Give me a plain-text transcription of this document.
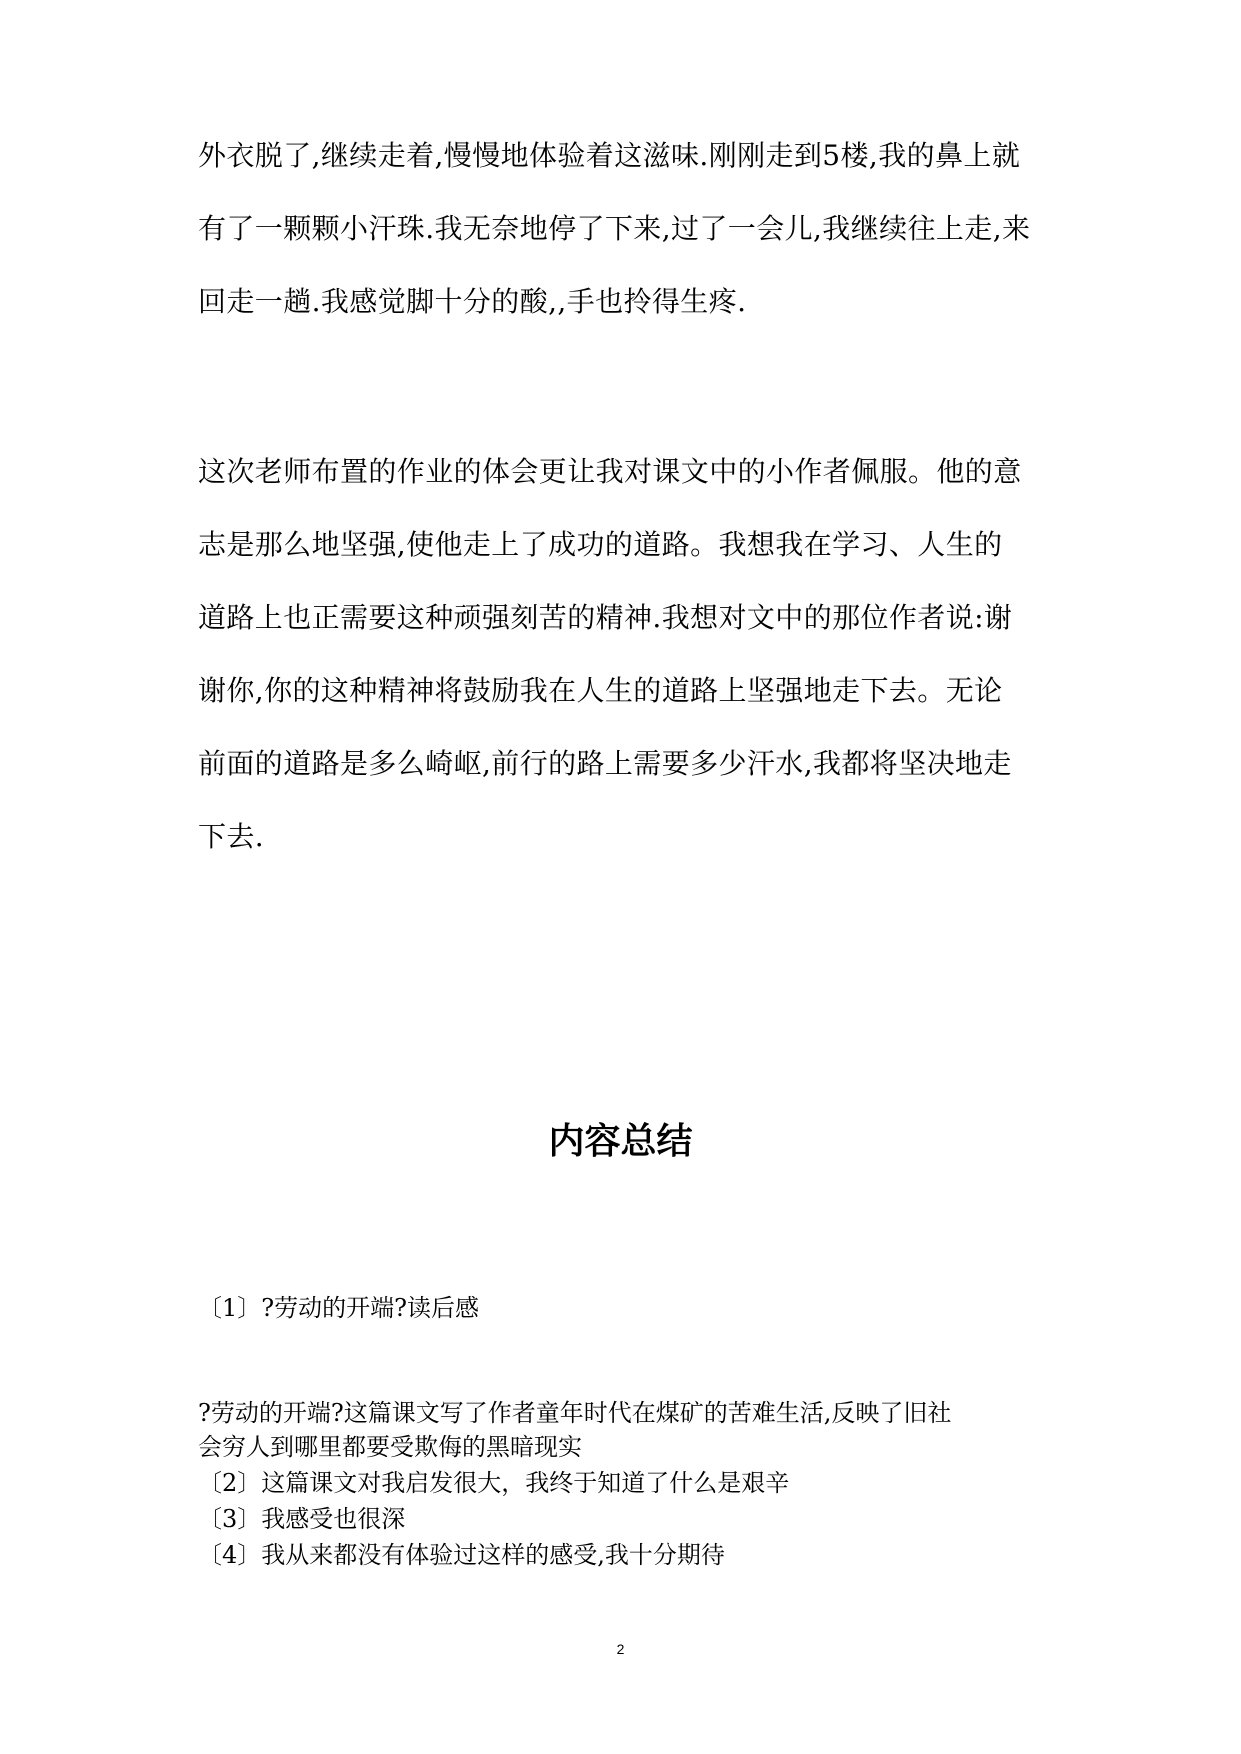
外衣脱了,继续走着,慢慢地体验着这滋味.刚刚走到5楼,我的鼻上就
有了一颗颗小汗珠.我无奈地停了下来,过了一会儿,我继续往上走,来
回走一趟.我感觉脚十分的酸,,手也拎得生疼.
这次老师布置的作业的体会更让我对课文中的小作者佩服。他的意
志是那么地坚强,使他走上了成功的道路。我想我在学习、人生的
道路上也正需要这种顽强刻苦的精神.我想对文中的那位作者说:谢
谢你,你的这种精神将鼓励我在人生的道路上坚强地走下去。无论
前面的道路是多么崎岖,前行的路上需要多少汗水,我都将坚决地走
下去.
内容总结
〔1〕?劳动的开端?读后感
?劳动的开端?这篇课文写了作者童年时代在煤矿的苦难生活,反映了旧社
会穷人到哪里都要受欺侮的黑暗现实
〔2〕这篇课文对我启发很大，我终于知道了什么是艰辛
〔3〕我感受也很深
〔4〕我从来都没有体验过这样的感受,我十分期待
2
